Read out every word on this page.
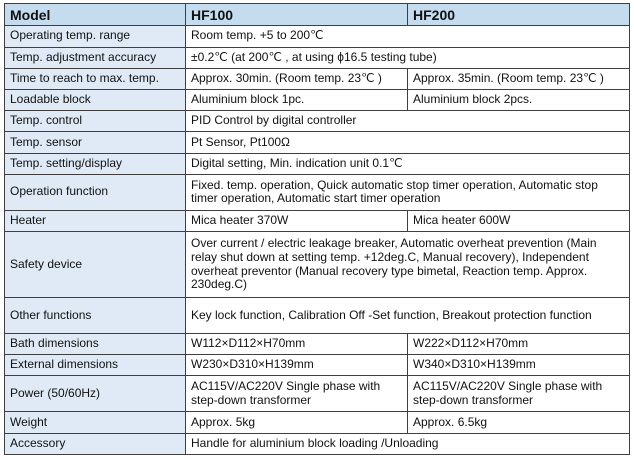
Model	HF100	HF200
Operating temp. range	Room temp. +5 to 200℃	
Temp. adjustment accuracy	±0.2℃ (at 200℃ , at using ϕ16.5 testing tube)	
Time to reach to max. temp.	Approx. 30min. (Room temp. 23℃ )	Approx. 35min. (Room temp. 23℃ )
Loadable block	Aluminium block 1pc.	Aluminium block 2pcs.
Temp. control	PID Control by digital controller	
Temp. sensor	Pt Sensor, Pt100Ω	
Temp. setting/display	Digital setting, Min. indication unit 0.1℃	
Operation function	Fixed. temp. operation, Quick automatic stop timer operation, Automatic stop timer operation, Automatic start timer operation	
Heater	Mica heater 370W	Mica heater 600W
Safety device	Over current / electric leakage breaker, Automatic overheat prevention (Main relay shut down at setting temp. +12deg.C, Manual recovery), Independent overheat preventor (Manual recovery type bimetal, Reaction temp. Approx. 230deg.C)	
Other functions	Key lock function, Calibration Off -Set function, Breakout protection function	
Bath dimensions	W112×D112×H70mm	W222×D112×H70mm
External dimensions	W230×D310×H139mm	W340×D310×H139mm
Power (50/60Hz)	AC115V/AC220V Single phase with step-down transformer	AC115V/AC220V Single phase with step-down transformer
Weight	Approx. 5kg	Approx. 6.5kg
Accessory	Handle for aluminium block loading /Unloading	
